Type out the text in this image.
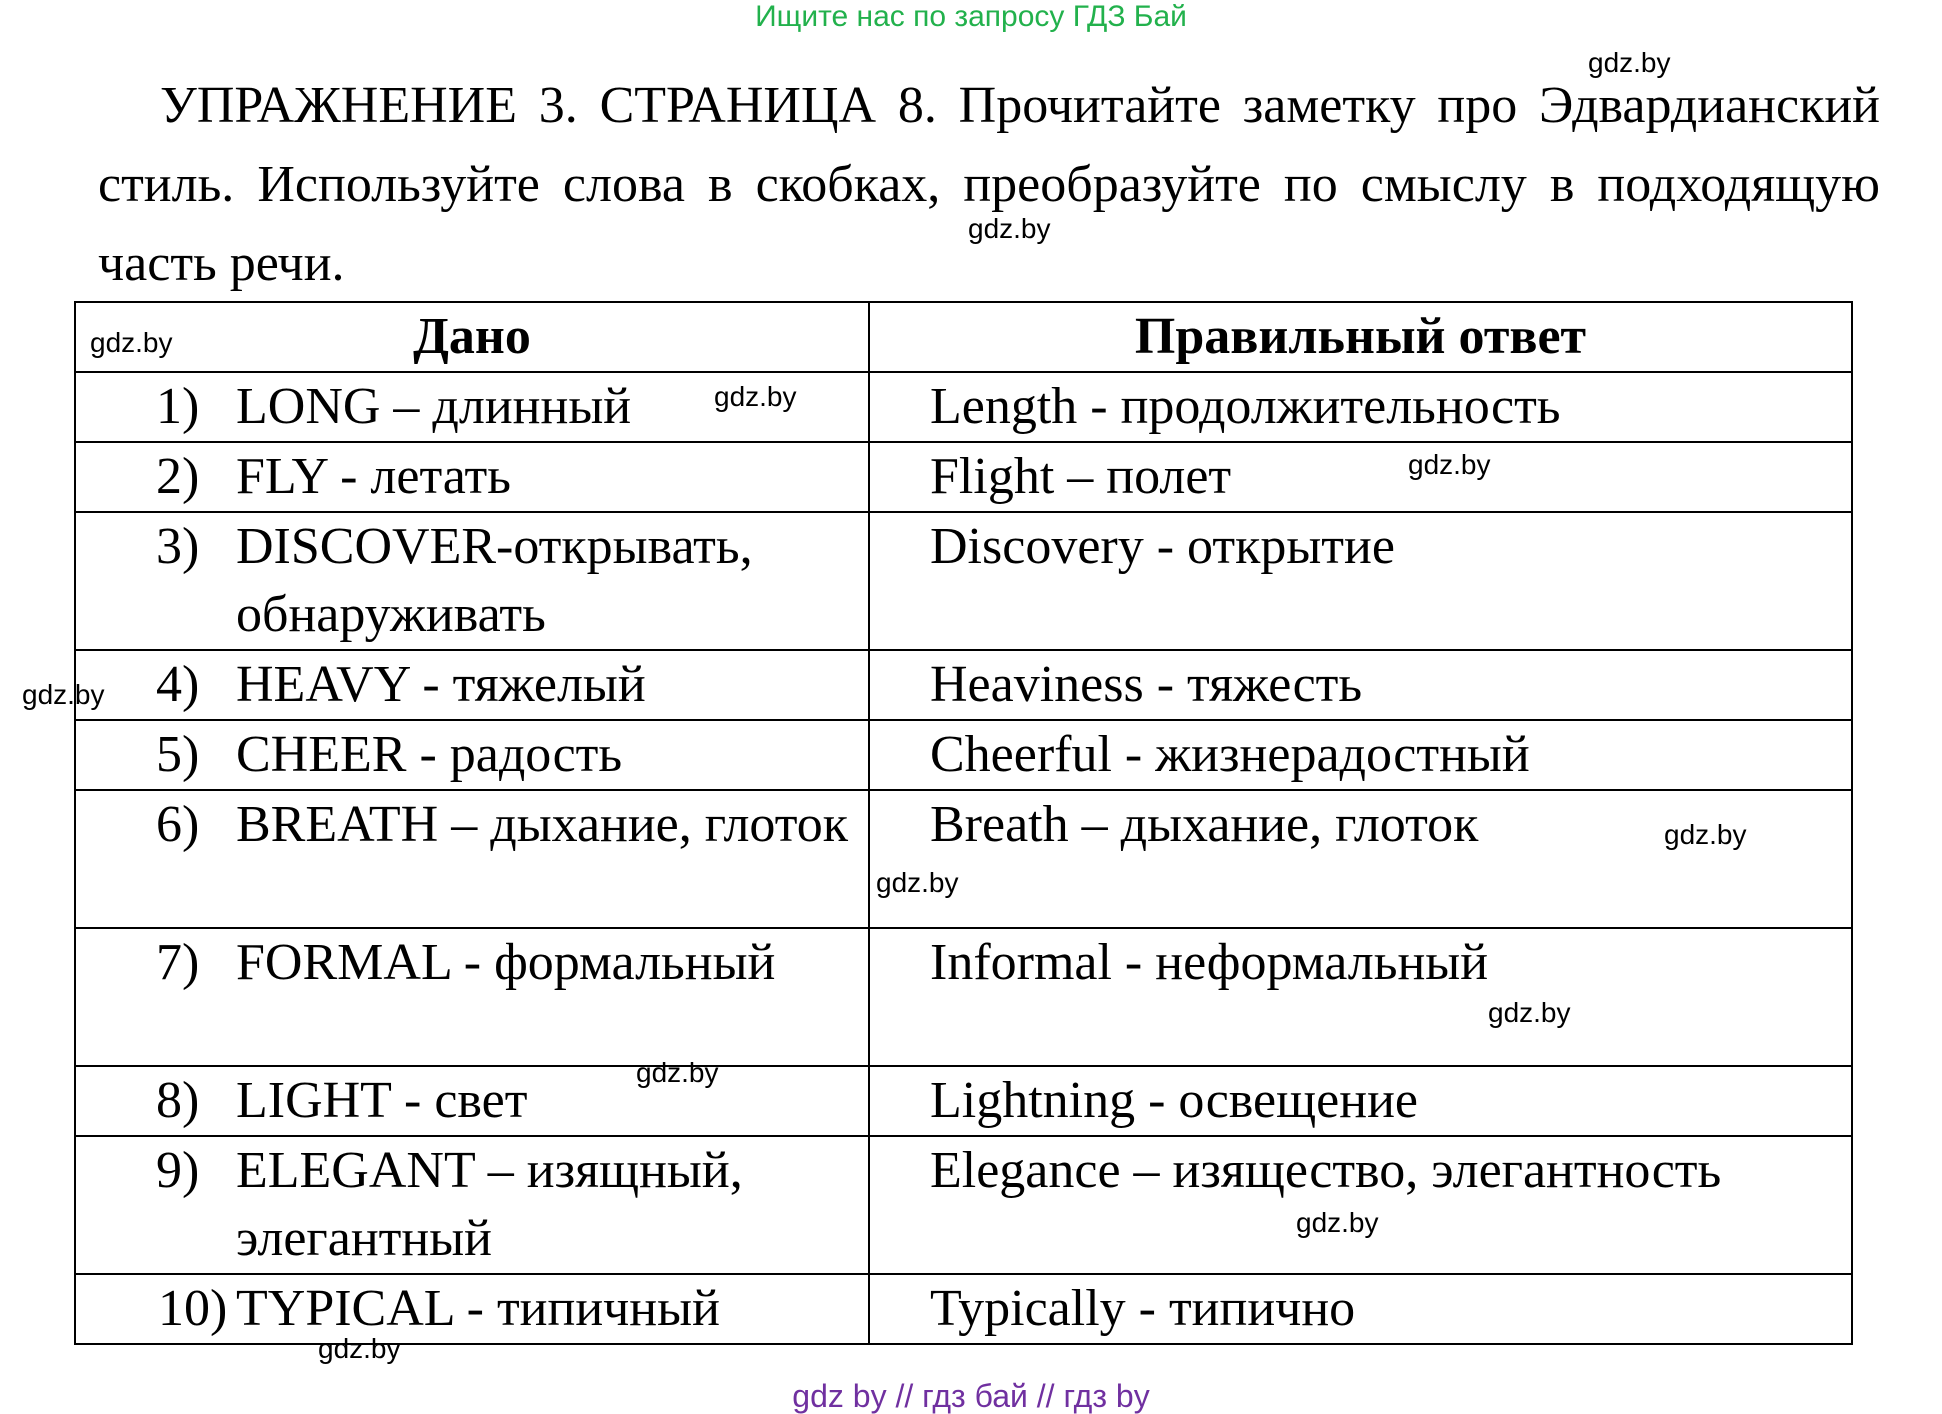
Ищите нас по запросу ГДЗ Бай
gdz.by
gdz.by
gdz.by
gdz.by
gdz.by
gdz.by
gdz.by
gdz.by
gdz.by
gdz.by
gdz.by
gdz.by
УПРАЖНЕНИЕ 3. СТРАНИЦА 8. Прочитайте заметку про Эдвардианский стиль. Используйте слова в скобках, преобразуйте по смыслу в подходящую часть речи.
Дано	Правильный ответ

1) LONG – длинный	Length - продолжительность

2) FLY - летать	Flight – полет

3) DISCOVER-открывать, обнаруживать	Discovery - открытие

4) HEAVY - тяжелый	Heaviness - тяжесть

5) CHEER - радость	Cheerful - жизнерадостный

6) BREATH – дыхание, глоток	Breath – дыхание, глоток

7) FORMAL - формальный	Informal - неформальный

8) LIGHT - свет	Lightning - освещение

9) ELEGANT – изящный, элегантный	Elegance – изящество, элегантность

10) TYPICAL - типичный	Typically - типично
gdz by // гдз бай // гдз by
